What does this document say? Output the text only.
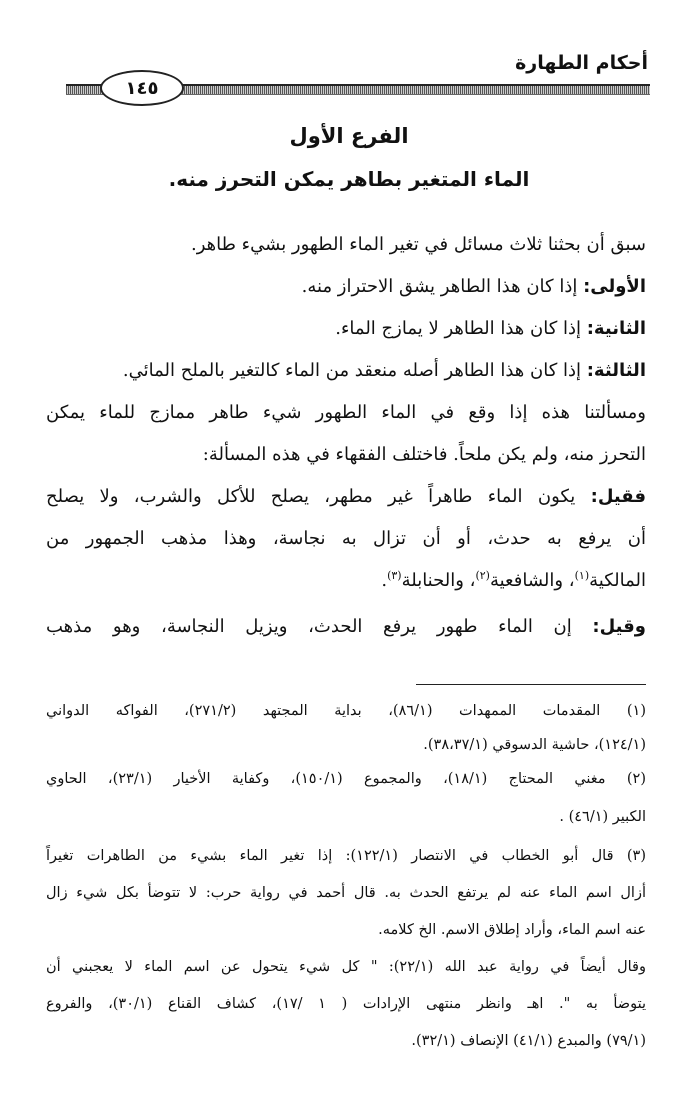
أحكام الطهارة
١٤٥
الفرع الأول
الماء المتغير بطاهر يمكن التحرز منه.
سبق أن بحثنا ثلاث مسائل في تغير الماء الطهور بشيء طاهر.
الأولى: إذا كان هذا الطاهر يشق الاحتراز منه.
الثانية: إذا كان هذا الطاهر لا يمازج الماء.
الثالثة: إذا كان هذا الطاهر أصله منعقد من الماء كالتغير بالملح المائي.
ومسألتنا هذه إذا وقع في الماء الطهور شيء طاهر ممازج للماء يمكن
التحرز منه، ولم يكن ملحاً. فاختلف الفقهاء في هذه المسألة:
فقيل: يكون الماء طاهراً غير مطهر، يصلح للأكل والشرب، ولا يصلح
أن يرفع به حدث، أو أن تزال به نجاسة، وهذا مذهب الجمهور من
المالكية$^{(١)}$، والشافعية$^{(٢)}$، والحنابلة$^{(٣)}$.
وقيل: إن الماء طهور يرفع الحدث، ويزيل النجاسة، وهو مذهب
(١) المقدمات الممهدات (٨٦/١)، بداية المجتهد (٢٧١/٢)، الفواكه الدواني
(١٢٤/١)، حاشية الدسوقي (٣٨،٣٧/١).
(٢) مغني المحتاج (١٨/١)، والمجموع (١٥٠/١)، وكفاية الأخيار (٢٣/١)، الحاوي
الكبير (٤٦/١) .
(٣) قال أبو الخطاب في الانتصار (١٢٢/١): إذا تغير الماء بشيء من الطاهرات تغيراً
أزال اسم الماء عنه لم يرتفع الحدث به. قال أحمد في رواية حرب: لا تتوضأ بكل شيء زال
عنه اسم الماء، وأراد إطلاق الاسم. الخ كلامه.
وقال أيضاً في رواية عبد الله (٢٢/١): " كل شيء يتحول عن اسم الماء لا يعجبني أن
يتوضأ به ". اهـ وانظر منتهى الإرادات ( ١ /١٧)، كشاف القناع (٣٠/١)، والفروع
(٧٩/١) والمبدع (٤١/١) الإنصاف (٣٢/١).
